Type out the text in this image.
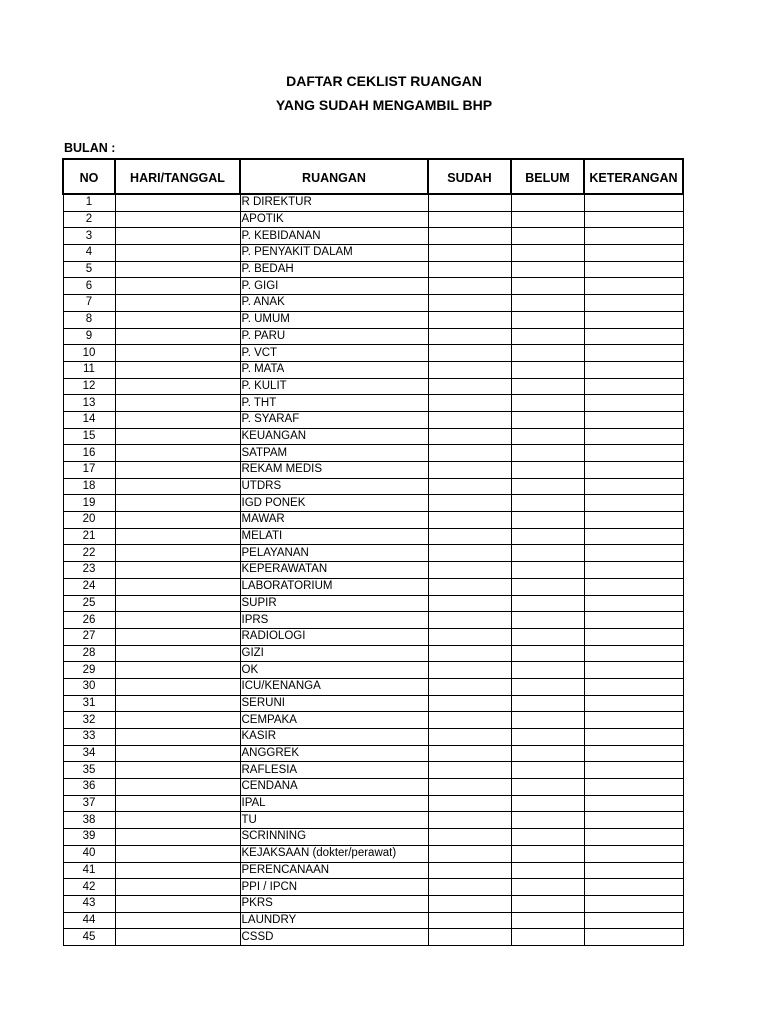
DAFTAR CEKLIST RUANGAN
YANG SUDAH MENGAMBIL BHP
BULAN :
NO	HARI/TANGGAL	RUANGAN	SUDAH	BELUM	KETERANGAN
1		R DIREKTUR			
2		APOTIK			
3		P. KEBIDANAN			
4		P. PENYAKIT DALAM			
5		P. BEDAH			
6		P. GIGI			
7		P. ANAK			
8		P. UMUM			
9		P. PARU			
10		P. VCT			
11		P. MATA			
12		P. KULIT			
13		P. THT			
14		P. SYARAF			
15		KEUANGAN			
16		SATPAM			
17		REKAM MEDIS			
18		UTDRS			
19		IGD PONEK			
20		MAWAR			
21		MELATI			
22		PELAYANAN			
23		KEPERAWATAN			
24		LABORATORIUM			
25		SUPIR			
26		IPRS			
27		RADIOLOGI			
28		GIZI			
29		OK			
30		ICU/KENANGA			
31		SERUNI			
32		CEMPAKA			
33		KASIR			
34		ANGGREK			
35		RAFLESIA			
36		CENDANA			
37		IPAL			
38		TU			
39		SCRINNING			
40		KEJAKSAAN (dokter/perawat)			
41		PERENCANAAN			
42		PPI / IPCN			
43		PKRS			
44		LAUNDRY			
45		CSSD			
